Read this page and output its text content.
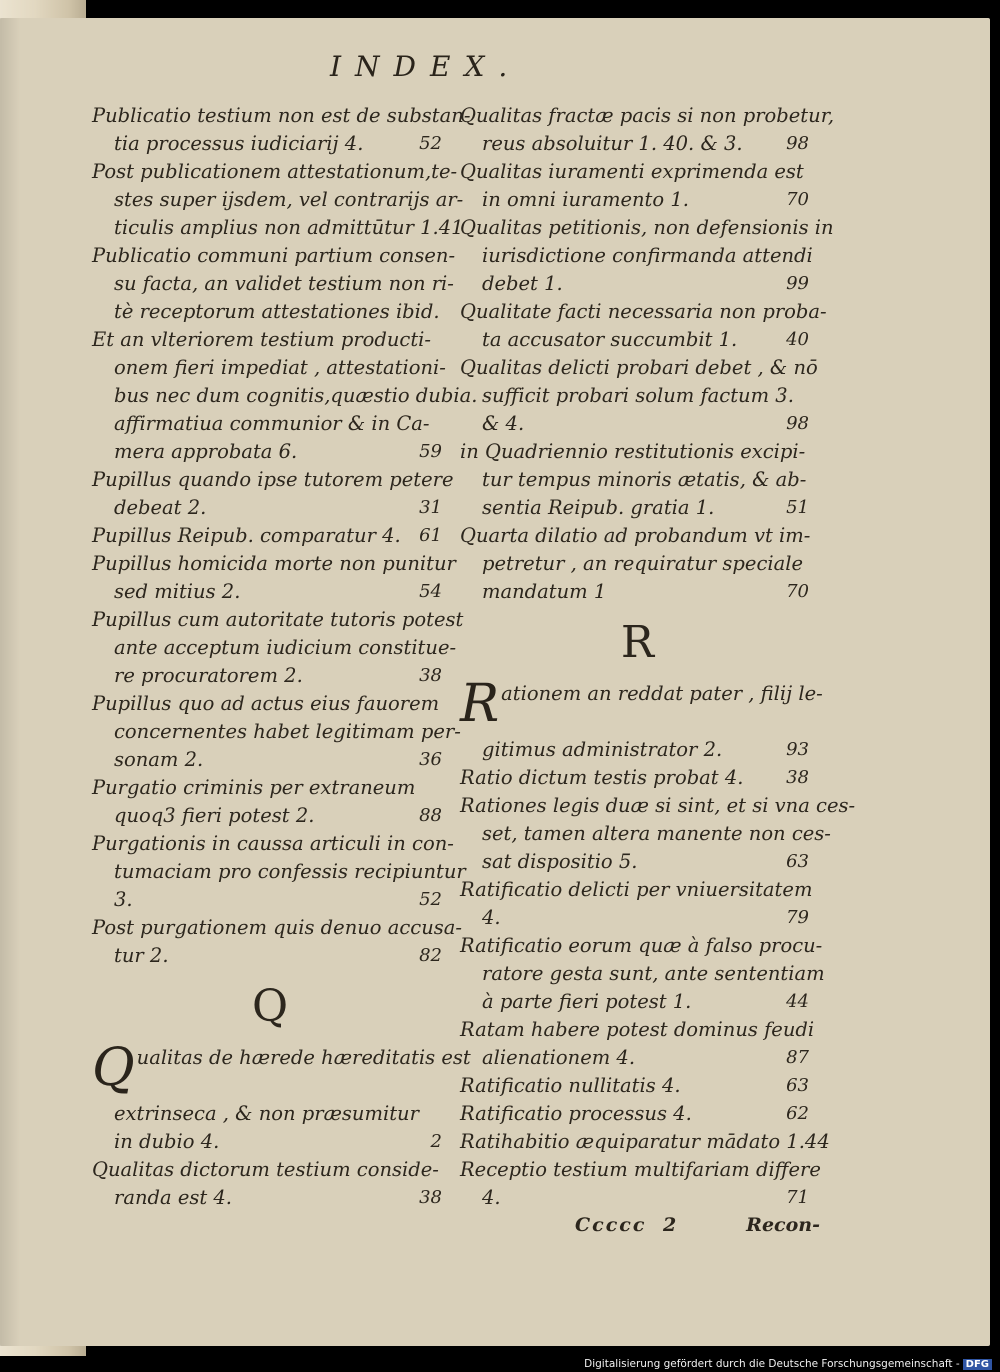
INDEX.
Publicatio testium non est de substan-
tia processus iudiciarij 4.	52
Post publicationem attestationum,te-
stes super ijsdem, vel contrarijs ar-
ticulis amplius non admittūtur 1.41
Publicatio communi partium consen-
su facta, an validet testium non ri-
tè receptorum attestationes ibid.
Et an vlteriorem testium producti-
onem fieri impediat , attestationi-
bus nec dum cognitis,quæstio dubia.
affirmatiua communior & in Ca-
mera approbata 6.	59
Pupillus quando ipse tutorem petere
debeat 2.	31
Pupillus Reipub. comparatur 4. 61
Pupillus homicida morte non punitur
sed mitius 2.	54
Pupillus cum autoritate tutoris potest
ante acceptum iudicium constitue-
re procuratorem 2.	38
Pupillus quo ad actus eius fauorem
concernentes habet legitimam per-
sonam 2.	36
Purgatio criminis per extraneum
quoq3 fieri potest 2.	88
Purgationis in caussa articuli in con-
tumaciam pro confessis recipiuntur
3.	52
Post purgationem quis denuo accusa-
tur 2.	82
Q
Qualitas de hærede hæreditatis est
extrinseca , & non præsumitur
in dubio 4.	2
Qualitas dictorum testium conside-
randa est 4.	38
Qualitas fractæ pacis si non probetur,
reus absoluitur 1. 40. & 3. 98
Qualitas iuramenti exprimenda est
in omni iuramento 1.	70
Qualitas petitionis, non defensionis in
iurisdictione confirmanda attendi
debet 1.	99
Qualitate facti necessaria non proba-
ta accusator succumbit 1.	40
Qualitas delicti probari debet , & nō
sufficit probari solum factum 3.
& 4.	98
in Quadriennio restitutionis excipi-
tur tempus minoris ætatis, & ab-
sentia Reipub. gratia 1.	51
Quarta dilatio ad probandum vt im-
petretur , an requiratur speciale
mandatum 1	70
R
Rationem an reddat pater , filij le-
gitimus administrator 2.	93
Ratio dictum testis probat 4. 38
Rationes legis duæ si sint, et si vna ces-
set, tamen altera manente non ces-
sat dispositio 5.	63
Ratificatio delicti per vniuersitatem
4.	79
Ratificatio eorum quæ à falso procu-
ratore gesta sunt, ante sententiam
à parte fieri potest 1.	44
Ratam habere potest dominus feudi
alienationem 4.	87
Ratificatio nullitatis 4.	63
Ratificatio processus 4.	62
Ratihabitio æquiparatur mādato 1.44
Receptio testium multifariam differe
4.	71
Ccccc 2	Recon-
Digitalisierung gefördert durch die Deutsche Forschungsgemeinschaft - DFG
